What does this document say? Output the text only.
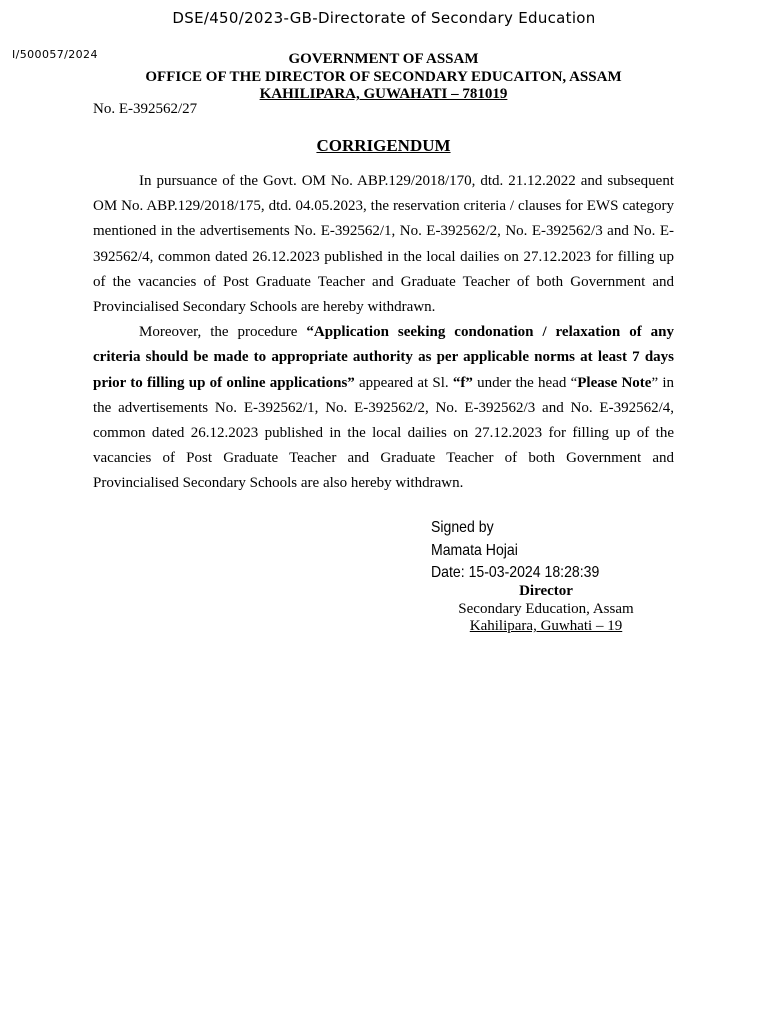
DSE/450/2023-GB-Directorate of Secondary Education
I/500057/2024	GOVERNMENT OF ASSAM
OFFICE OF THE DIRECTOR OF SECONDARY EDUCAITON, ASSAM
KAHILIPARA, GUWAHATI – 781019
No. E-392562/27
CORRIGENDUM

In pursuance of the Govt. OM No. ABP.129/2018/170, dtd. 21.12.2022 and subsequent OM No. ABP.129/2018/175, dtd. 04.05.2023, the reservation criteria / clauses for EWS category mentioned in the advertisements No. E-392562/1, No. E-392562/2, No. E-392562/3 and No. E-392562/4, common dated 26.12.2023 published in the local dailies on 27.12.2023 for filling up of the vacancies of Post Graduate Teacher and Graduate Teacher of both Government and Provincialised Secondary Schools are hereby withdrawn.

Moreover, the procedure “Application seeking condonation / relaxation of any criteria should be made to appropriate authority as per applicable norms at least 7 days prior to filling up of online applications” appeared at Sl. “f” under the head “Please Note” in the advertisements No. E-392562/1, No. E-392562/2, No. E-392562/3 and No. E-392562/4, common dated 26.12.2023 published in the local dailies on 27.12.2023 for filling up of the vacancies of Post Graduate Teacher and Graduate Teacher of both Government and Provincialised Secondary Schools are also hereby withdrawn.

Signed by
Mamata Hojai
Date: 15-03-2024 18:28:39
Director
Secondary Education, Assam
Kahilipara, Guwhati – 19
